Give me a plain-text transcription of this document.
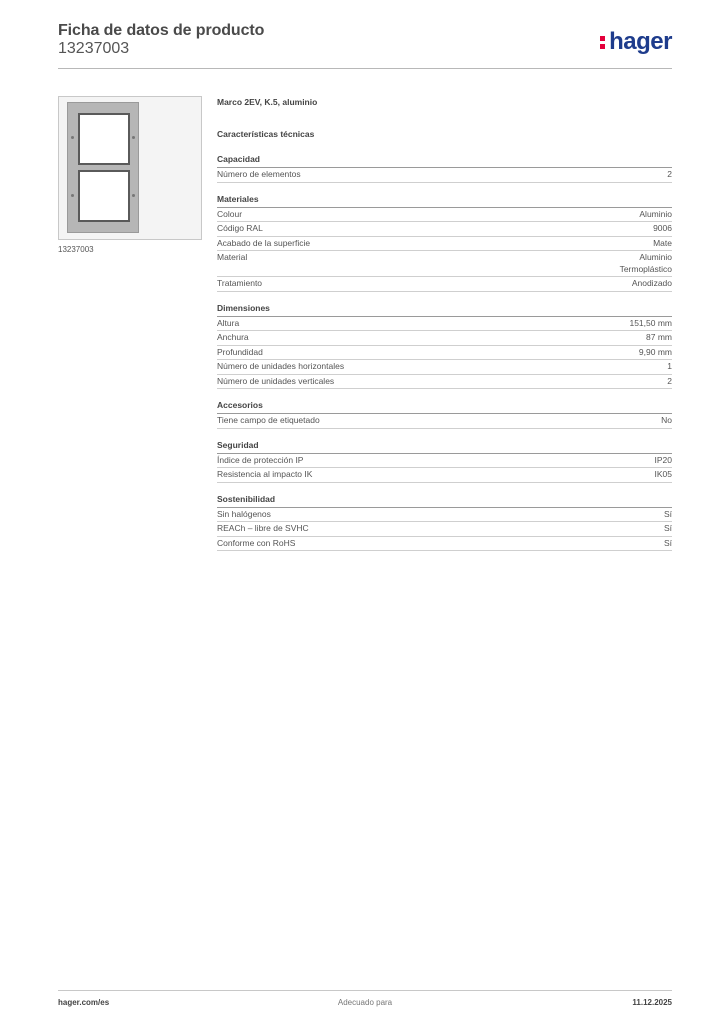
Ficha de datos de producto
13237003	hager
13237003
Marco 2EV, K.5, aluminio
Características técnicas
Capacidad
Número de elementos	2
Materiales
Colour	Aluminio
Código RAL	9006
Acabado de la superficie	Mate
Material	Aluminio
Termoplástico
Tratamiento	Anodizado
Dimensiones
Altura	151,50 mm
Anchura	87 mm
Profundidad	9,90 mm
Número de unidades horizontales	1
Número de unidades verticales	2
Accesorios
Tiene campo de etiquetado	No
Seguridad
Índice de protección IP	IP20
Resistencia al impacto IK	IK05
Sostenibilidad
Sin halógenos	Sí
REACh – libre de SVHC	Sí
Conforme con RoHS	Sí
hager.com/es	Adecuado para	11.12.2025
